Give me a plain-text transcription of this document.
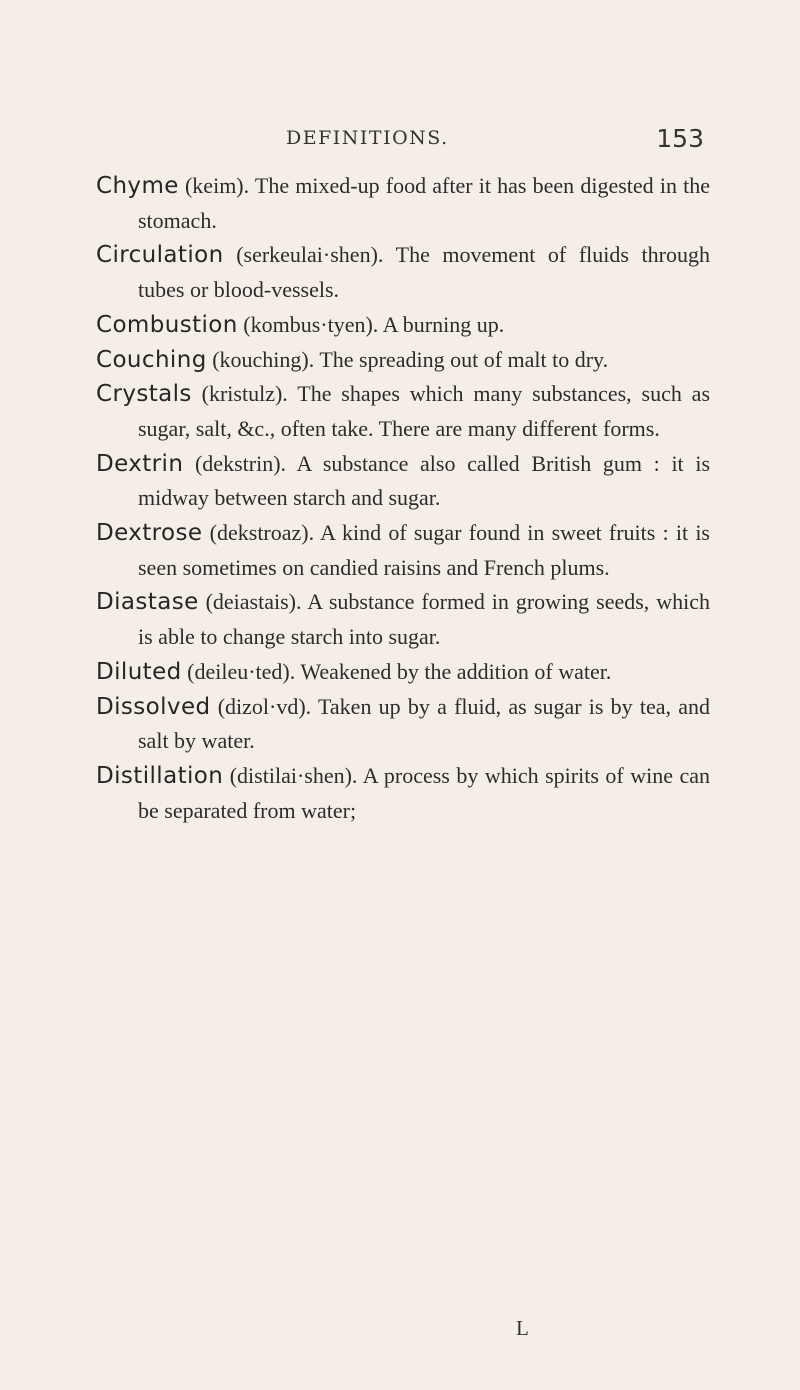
DEFINITIONS.	153

Chyme (keim). The mixed-up food after it has been digested in the stomach.

Circulation (serkeulai·shen). The movement of fluids through tubes or blood-vessels.

Combustion (kombus·tyen). A burning up.

Couching (kouching). The spreading out of malt to dry.

Crystals (kristulz). The shapes which many substances, such as sugar, salt, &c., often take. There are many different forms.

Dextrin (dekstrin). A substance also called British gum : it is midway between starch and sugar.

Dextrose (dekstroaz). A kind of sugar found in sweet fruits : it is seen sometimes on candied raisins and French plums.

Diastase (deiastais). A substance formed in growing seeds, which is able to change starch into sugar.

Diluted (deileu·ted). Weakened by the addition of water.

Dissolved (dizol·vd). Taken up by a fluid, as sugar is by tea, and salt by water.

Distillation (distilai·shen). A process by which spirits of wine can be separated from water;

L
